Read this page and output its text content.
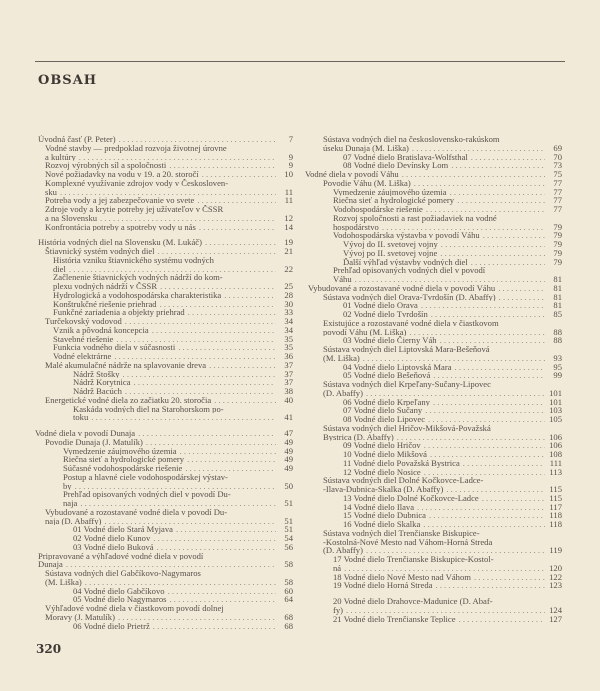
OBSAH
Úvodná časť (P. Peter) . . .	7
Vodné stavby — predpoklad rozvoja životnej úrovne
a kultúry . . .	9
Rozvoj výrobných síl a spoločnosti . . .	9
Nové požiadavky na vodu v 19. a 20. storočí . . .	10
Komplexné využívanie zdrojov vody v Českosloven-
sku . . .	11
Potreba vody a jej zabezpečovanie vo svete . . .	11
Zdroje vody a krytie potreby jej užívateľov v ČSSR
a na Slovensku . . .	12
Konfrontácia potreby a spotreby vody u nás . . .	14
História vodných diel na Slovensku (M. Lukáč) . . .	19
Štiavnický systém vodných diel . . .	21
História vzniku štiavnického systému vodných
diel . . .	22
Začlenenie štiavnických vodných nádrží do kom-
plexu vodných nádrží v ČSSR . . .	25
Hydrologická a vodohospodárska charakteristika . . .	28
Konštrukčné riešenie priehrad . . .	30
Funkčné zariadenia a objekty priehrad . . .	33
Turčekovský vodovod . . .	34
Vznik a pôvodná koncepcia . . .	34
Stavebné riešenie . . .	35
Funkcia vodného diela v súčasnosti . . .	35
Vodné elektrárne . . .	36
Malé akumulačné nádrže na splavovanie dreva . . .	37
Nádrž Stošky . . .	37
Nádrž Korytnica . . .	37
Nádrž Bacúch . . .	38
Energetické vodné diela zo začiatku 20. storočia . . .	40
Kaskáda vodných diel na Starohorskom po-
toku . . .	41
Vodné diela v povodí Dunaja . . .	47
Povodie Dunaja (J. Matulík) . . .	49
Vymedzenie záujmového územia . . .	49
Riečna sieť a hydrologické pomery . . .	49
Súčasné vodohospodárske riešenie . . .	49
Postup a hlavné ciele vodohospodárskej výstav-
by . . .	50
Prehľad opisovaných vodných diel v povodí Du-
naja . . .	51
Vybudované a rozostavané vodné diela v povodí Du-
naja (D. Abaffy) . . .	51
01 Vodné dielo Stará Myjava . . .	51
02 Vodné dielo Kunov . . .	54
03 Vodné dielo Buková . . .	56
Pripravované a výhľadové vodné diela v povodí
Dunaja . . .	58
Sústava vodných diel Gabčíkovo-Nagymaros
(M. Liška) . . .	58
04 Vodné dielo Gabčíkovo . . .	60
05 Vodné dielo Nagymaros . . .	64
Výhľadové vodné diela v čiastkovom povodí dolnej
Moravy (J. Matulík) . . .	68
06 Vodné dielo Prietrž . . .	68
Sústava vodných diel na československo-rakúskom
úseku Dunaja (M. Liška) . . .	69
07 Vodné dielo Bratislava-Wolfsthal . . .	70
08 Vodné dielo Devínsky Lom . . .	73
Vodné diela v povodí Váhu . . .	75
Povodie Váhu (M. Liška) . . .	77
Vymedzenie záujmového územia . . .	77
Riečna sieť a hydrologické pomery . . .	77
Vodohospodárske riešenie . . .	77
Rozvoj spoločnosti a rast požiadaviek na vodné
hospodárstvo . . .	79
Vodohospodárska výstavba v povodí Váhu . . .	79
Vývoj do II. svetovej vojny . . .	79
Vývoj po II. svetovej vojne . . .	79
Ďalší výhľad výstavby vodných diel . . .	79
Prehľad opisovaných vodných diel v povodí
Váhu . . .	81
Vybudované a rozostavané vodné diela v povodí Váhu . . .	81
Sústava vodných diel Orava-Tvrdošín (D. Abaffy) . . .	81
01 Vodné dielo Orava . . .	81
02 Vodné dielo Tvrdošín . . .	85
Existujúce a rozostavané vodné diela v čiastkovom
povodí Váhu (M. Liška) . . .	88
03 Vodné dielo Čierny Váh . . .	88
Sústava vodných diel Liptovská Mara-Bešeňová
(M. Liška) . . .	93
04 Vodné dielo Liptovská Mara . . .	95
05 Vodné dielo Bešeňová . . .	99
Sústava vodných diel Krpeľany-Sučany-Lipovec
(D. Abaffy) . . .	101
06 Vodné dielo Krpeľany . . .	101
07 Vodné dielo Sučany . . .	103
08 Vodné dielo Lipovec . . .	105
Sústava vodných diel Hričov-Mikšová-Považská
Bystrica (D. Abaffy) . . .	106
09 Vodné dielo Hričov . . .	106
10 Vodné dielo Mikšová . . .	108
11 Vodné dielo Považská Bystrica . . .	111
12 Vodné dielo Nosice . . .	113
Sústava vodných diel Dolné Kočkovce-Ladce-
-Ilava-Dubnica-Skalka (D. Abaffy) . . .	115
13 Vodné dielo Dolné Kočkovce-Ladce . . .	115
14 Vodné dielo Ilava . . .	117
15 Vodné dielo Dubnica . . .	118
16 Vodné dielo Skalka . . .	118
Sústava vodných diel Trenčianske Biskupice-
-Kostolná-Nové Mesto nad Váhom-Horná Streda
(D. Abaffy) . . .	119
17 Vodné dielo Trenčianske Biskupice-Kostol-
ná . . .	120
18 Vodné dielo Nové Mesto nad Váhom . . .	122
19 Vodné dielo Horná Streda . . .	123
20 Vodné dielo Drahovce-Madunice (D. Abaf-
fy) . . .	124
21 Vodné dielo Trenčianske Teplice . . .	127
320
